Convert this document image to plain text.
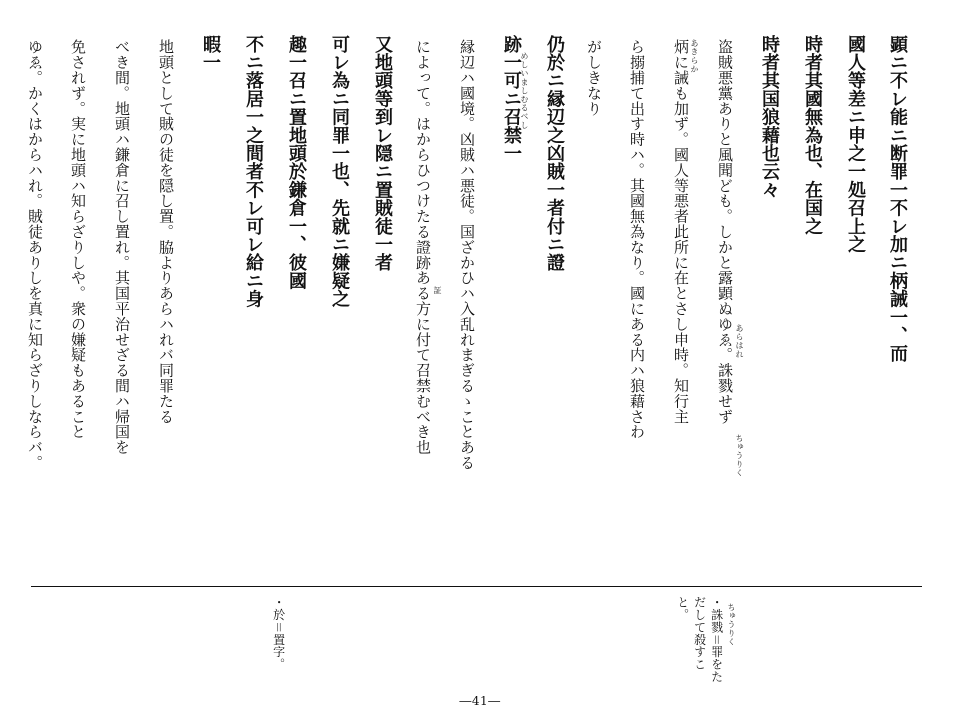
顕ニ不レ能ニ断罪一不レ加ニ柄誡一、而
國人等差ニ申之一処召上之
時者其國無為也、在国之
時者其国狼藉也云々
盗賊悪黨ありと風聞ども。しかと露顕ぬゆゑ。誅戮せず
炳に誡も加ず。國人等悪者此所に在とさし申時。知行主
ら搦捕て出す時ハ。其國無為なり。國にある内ハ狼藉さわ
がしきなり
仍於ニ縁辺之凶賊一者付ニ證
跡一可ニ召禁一
縁辺ハ國境。凶賊ハ悪徒。国ざかひハ入乱れまぎるゝことある
によって。はからひつけたる證跡ある方に付て召禁むべき也
又地頭等到レ隠ニ置賊徒一者
可レ為ニ同罪一也、先就ニ嫌疑之
趣一召ニ置地頭於鎌倉一、彼國
不ニ落居一之間者不レ可レ給ニ身
暇一
地頭として賊の徒を隠し置。脇よりあらハれバ同罪たる
べき間。地頭ハ鎌倉に召し置れ。其国平治せざる間ハ帰国を
免されず。実に地頭ハ知らざりしや。衆の嫌疑もあること
ゆゑ。かくはからハれ。賊徒ありしを真に知らざりしならバ。	あらはれ
ちゅうりく
あきらか
めしいましむるべし
証
・誅戮＝罪をた
だして殺すこ
と。	ちゅうりく
・於＝置字。
―41―
